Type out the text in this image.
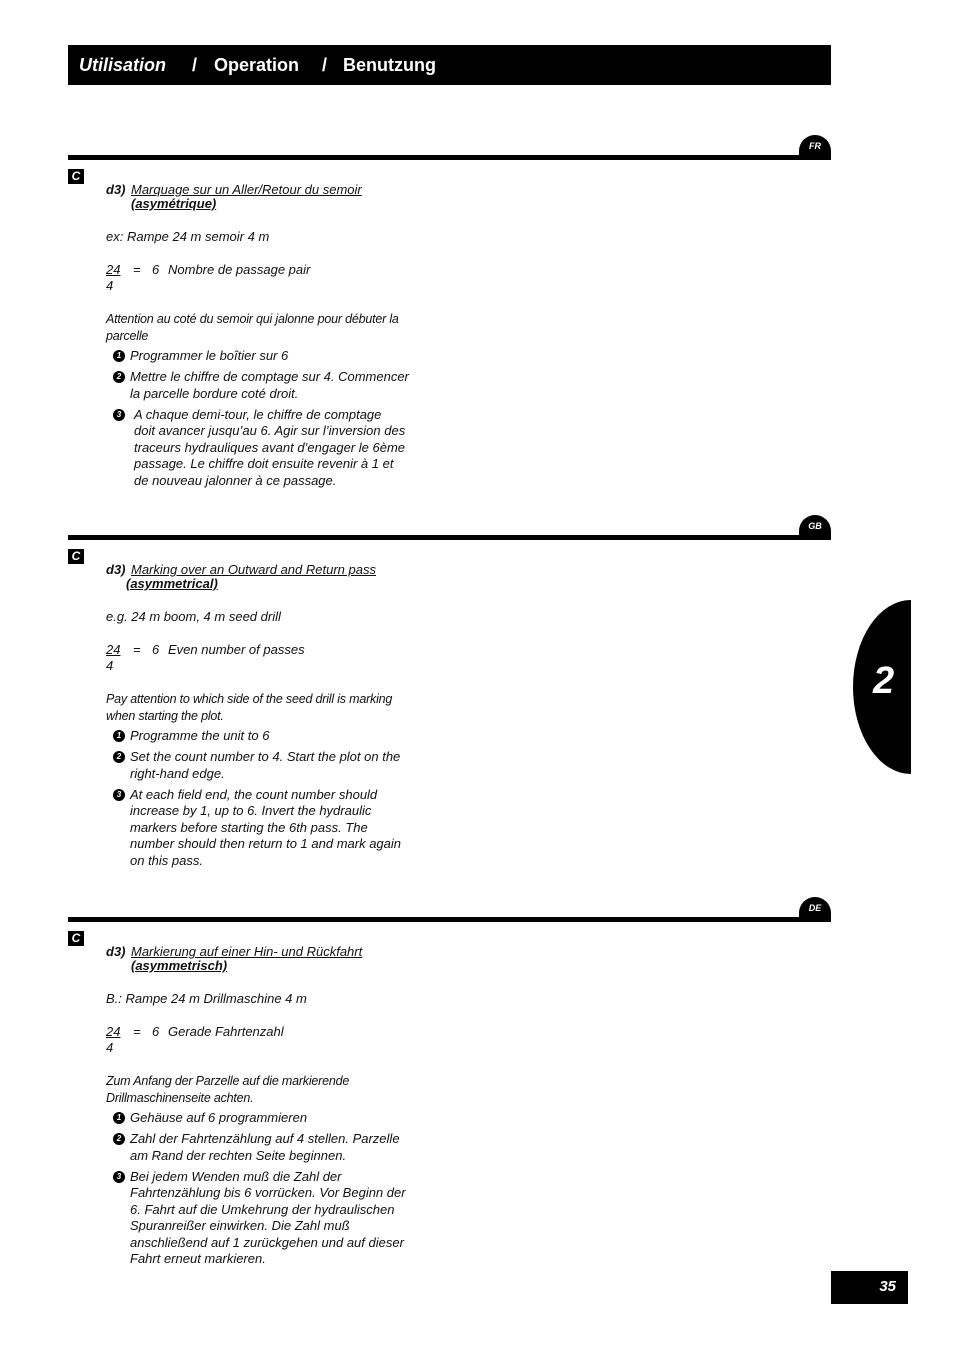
Utilisation / Operation / Benutzung
FR
C
d3) Marquage sur un Aller/Retour du semoir
(asymétrique)
ex: Rampe 24 m semoir 4 m
24
4
= 6 Nombre de passage pair
Attention au coté du semoir qui jalonne pour débuter la
parcelle
1 Programmer le boîtier sur 6
2 Mettre le chiffre de comptage sur 4. Commencer
la parcelle bordure coté droit.
3 A chaque demi-tour, le chiffre de comptage
doit avancer jusqu’au 6. Agir sur l’inversion des
traceurs hydrauliques avant d’engager le 6ème
passage. Le chiffre doit ensuite revenir à 1 et
de nouveau jalonner à ce passage.
GB
C
d3) Marking over an Outward and Return pass
(asymmetrical)
e.g. 24 m boom, 4 m seed drill
24
4
= 6 Even number of passes
Pay attention to which side of the seed drill is marking
when starting the plot.
1 Programme the unit to 6
2 Set the count number to 4. Start the plot on the
right-hand edge.
3 At each field end, the count number should
increase by 1, up to 6. Invert the hydraulic
markers before starting the 6th pass. The
number should then return to 1 and mark again
on this pass.
DE
C
d3) Markierung auf einer Hin- und Rückfahrt
(asymmetrisch)
B.: Rampe 24 m Drillmaschine 4 m
24
4
= 6 Gerade Fahrtenzahl
Zum Anfang der Parzelle auf die markierende
Drillmaschinenseite achten.
1 Gehäuse auf 6 programmieren
2 Zahl der Fahrtenzählung auf 4 stellen. Parzelle
am Rand der rechten Seite beginnen.
3 Bei jedem Wenden muß die Zahl der
Fahrtenzählung bis 6 vorrücken. Vor Beginn der
6. Fahrt auf die Umkehrung der hydraulischen
Spuranreißer einwirken. Die Zahl muß
anschließend auf 1 zurückgehen und auf dieser
Fahrt erneut markieren.
2
35
